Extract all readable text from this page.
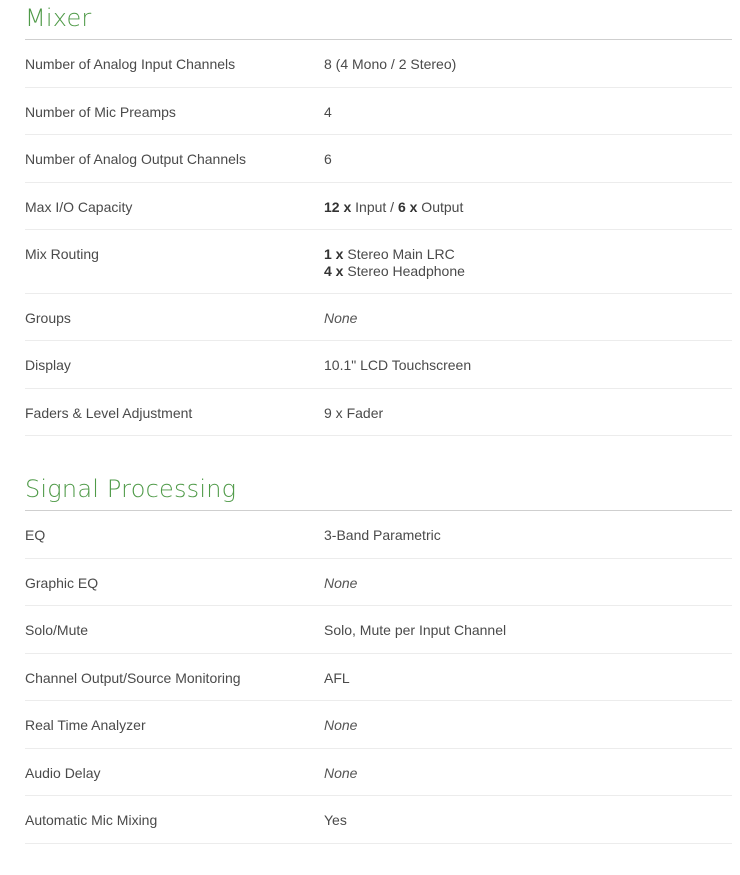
Mixer
Number of Analog Input Channels	8 (4 Mono / 2 Stereo)
Number of Mic Preamps	4
Number of Analog Output Channels	6
Max I/O Capacity	12 x Input / 6 x Output
Mix Routing	1 x Stereo Main LRC
4 x Stereo Headphone
Groups	None
Display	10.1" LCD Touchscreen
Faders & Level Adjustment	9 x Fader
Signal Processing
EQ	3-Band Parametric
Graphic EQ	None
Solo/Mute	Solo, Mute per Input Channel
Channel Output/Source Monitoring	AFL
Real Time Analyzer	None
Audio Delay	None
Automatic Mic Mixing	Yes
